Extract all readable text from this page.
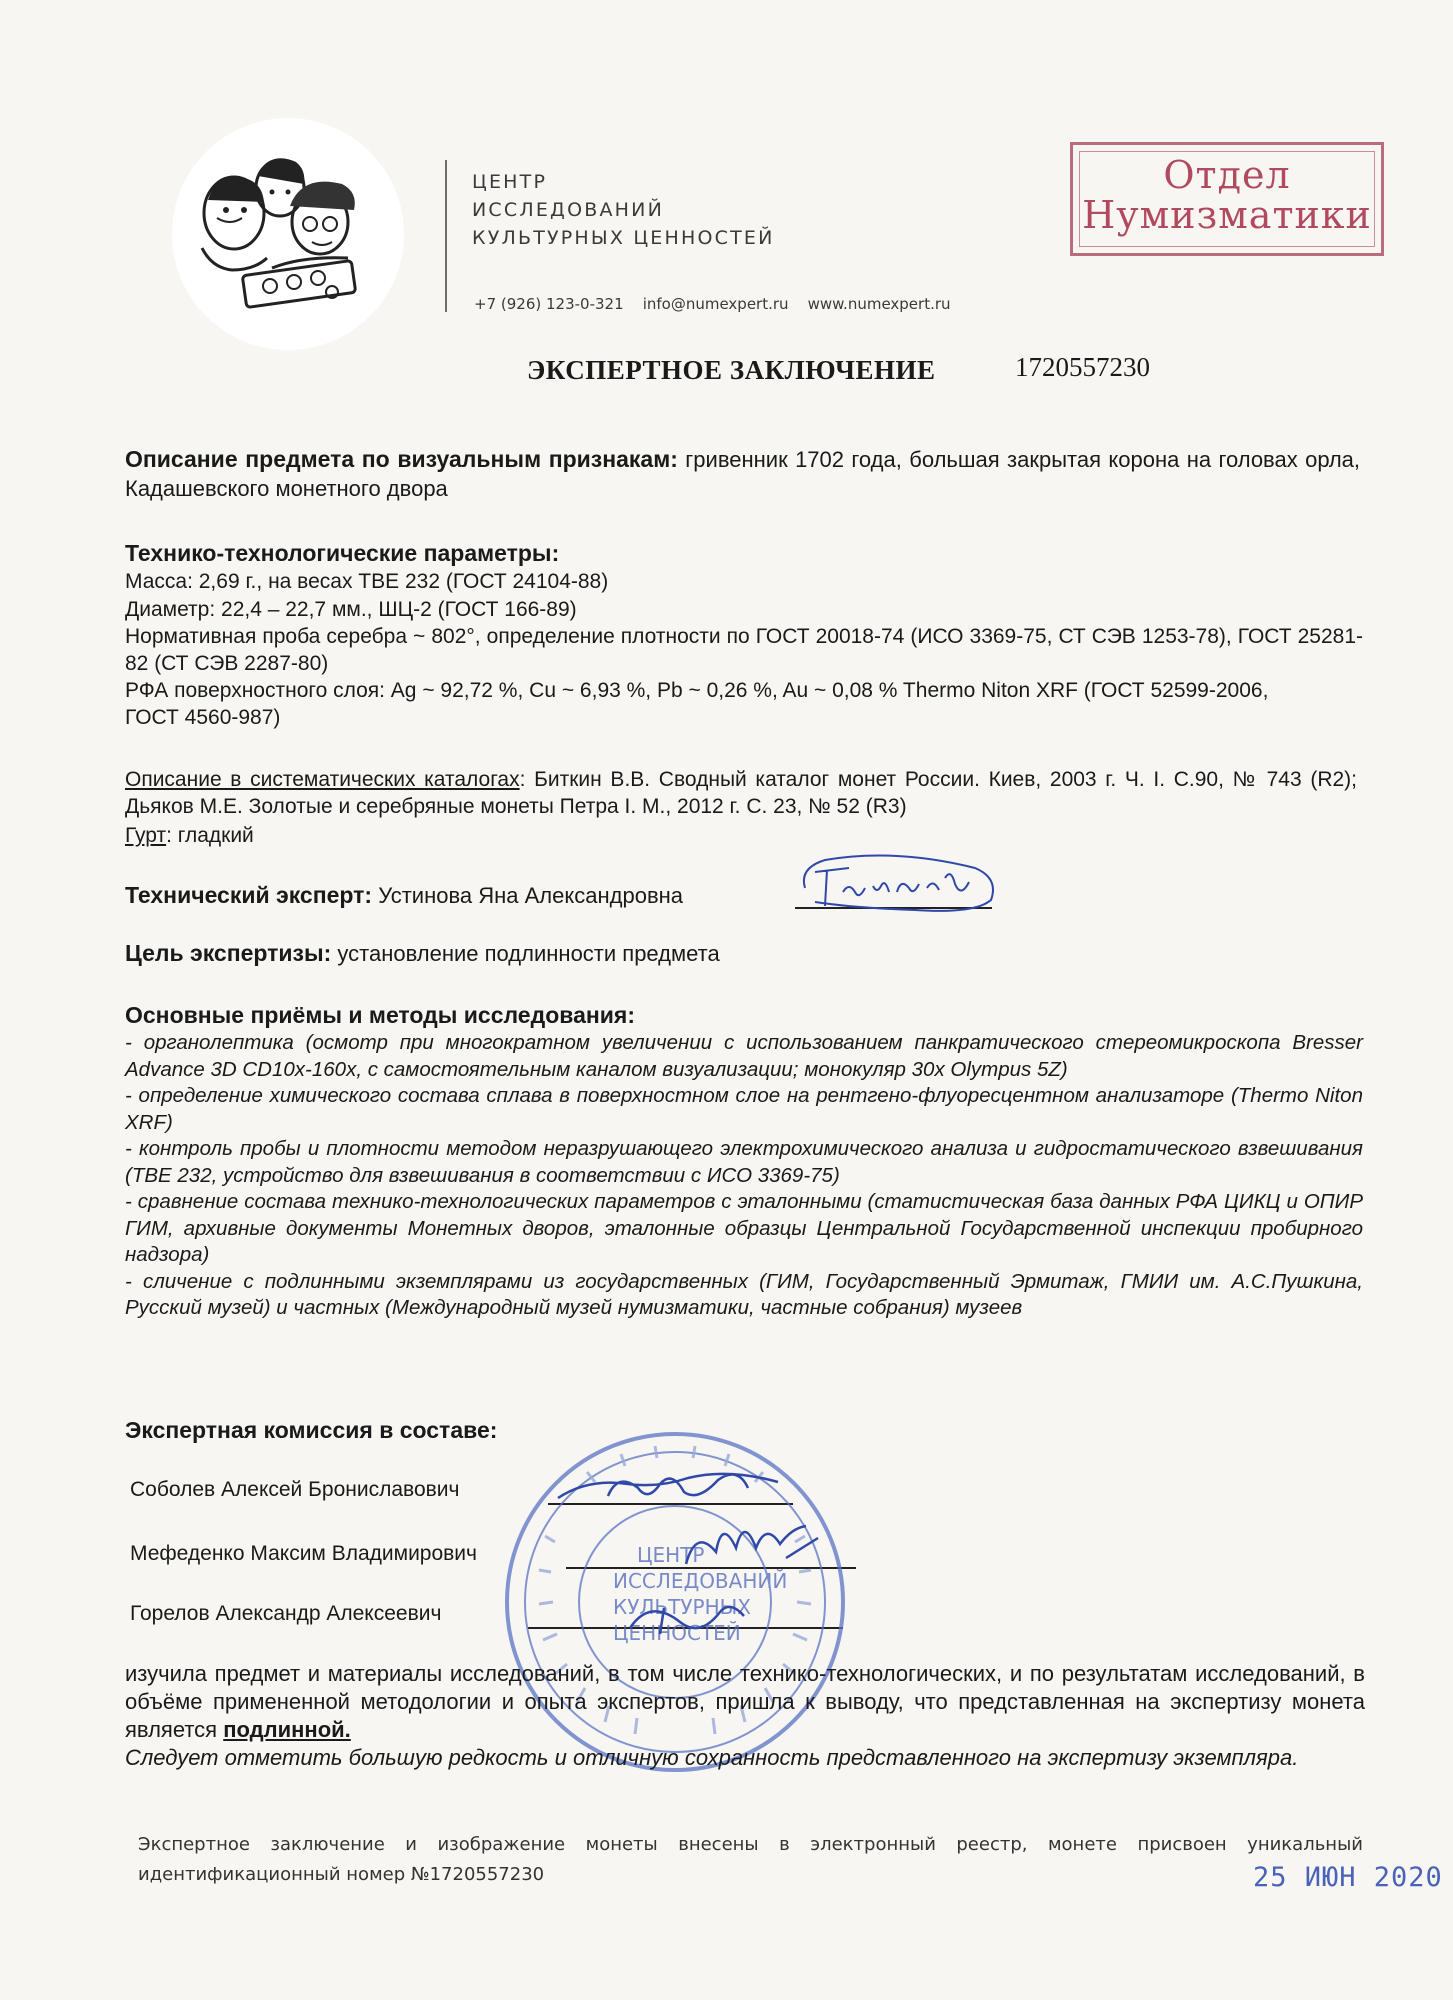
ЦЕНТР
ИССЛЕДОВАНИЙ
КУЛЬТУРНЫХ ЦЕННОСТЕЙ
+7 (926) 123-0-321 info@numexpert.ru www.numexpert.ru
Отдел
Нумизматики
ЭКСПЕРТНОЕ ЗАКЛЮЧЕНИЕ	1720557230
Описание предмета по визуальным признакам: гривенник 1702 года, большая закрытая корона на головах орла, Кадашевского монетного двора
Технико-технологические параметры:
Масса: 2,69 г., на весах ТВЕ 232 (ГОСТ 24104-88)
Диаметр: 22,4 – 22,7 мм., ШЦ-2 (ГОСТ 166-89)
Нормативная проба серебра ~ 802°, определение плотности по ГОСТ 20018-74 (ИСО 3369-75, СТ СЭВ 1253-78), ГОСТ 25281-82 (СТ СЭВ 2287-80)
РФА поверхностного слоя: Ag ~ 92,72 %, Cu ~ 6,93 %, Pb ~ 0,26 %, Au ~ 0,08 % Thermo Niton XRF (ГОСТ 52599-2006, ГОСТ 4560-987)
Описание в систематических каталогах: Биткин В.В. Сводный каталог монет России. Киев, 2003 г. Ч. I. С.90, № 743 (R2); Дьяков М.Е. Золотые и серебряные монеты Петра I. М., 2012 г. С. 23, № 52 (R3)
Гурт: гладкий
Технический эксперт: Устинова Яна Александровна
Цель экспертизы: установление подлинности предмета
Основные приёмы и методы исследования:
- органолептика (осмотр при многократном увеличении с использованием панкратического стереомикроскопа Bresser Advance 3D CD10x-160x, с самостоятельным каналом визуализации; монокуляр 30x Olympus 5Z)
- определение химического состава сплава в поверхностном слое на рентгено-флуоресцентном анализаторе (Thermo Niton XRF)
- контроль пробы и плотности методом неразрушающего электрохимического анализа и гидростатического взвешивания (ТВЕ 232, устройство для взвешивания в соответствии с ИСО 3369-75)
- сравнение состава технико-технологических параметров с эталонными (статистическая база данных РФА ЦИКЦ и ОПИР ГИМ, архивные документы Монетных дворов, эталонные образцы Центральной Государственной инспекции пробирного надзора)
- сличение с подлинными экземплярами из государственных (ГИМ, Государственный Эрмитаж, ГМИИ им. А.С.Пушкина, Русский музей) и частных (Международный музей нумизматики, частные собрания) музеев
Экспертная комиссия в составе:
Соболев Алексей Брониславович
Мефеденко Максим Владимирович
Горелов Александр Алексеевич
ЦЕНТР
ИССЛЕДОВАНИЙ
КУЛЬТУРНЫХ
ЦЕННОСТЕЙ
изучила предмет и материалы исследований, в том числе технико-технологических, и по результатам исследований, в объёме примененной методологии и опыта экспертов, пришла к выводу, что представленная на экспертизу монета является подлинной.
Следует отметить большую редкость и отличную сохранность представленного на экспертизу экземпляра.
Экспертное заключение и изображение монеты внесены в электронный реестр, монете присвоен уникальный идентификационный номер №1720557230	25 ИЮН 2020
